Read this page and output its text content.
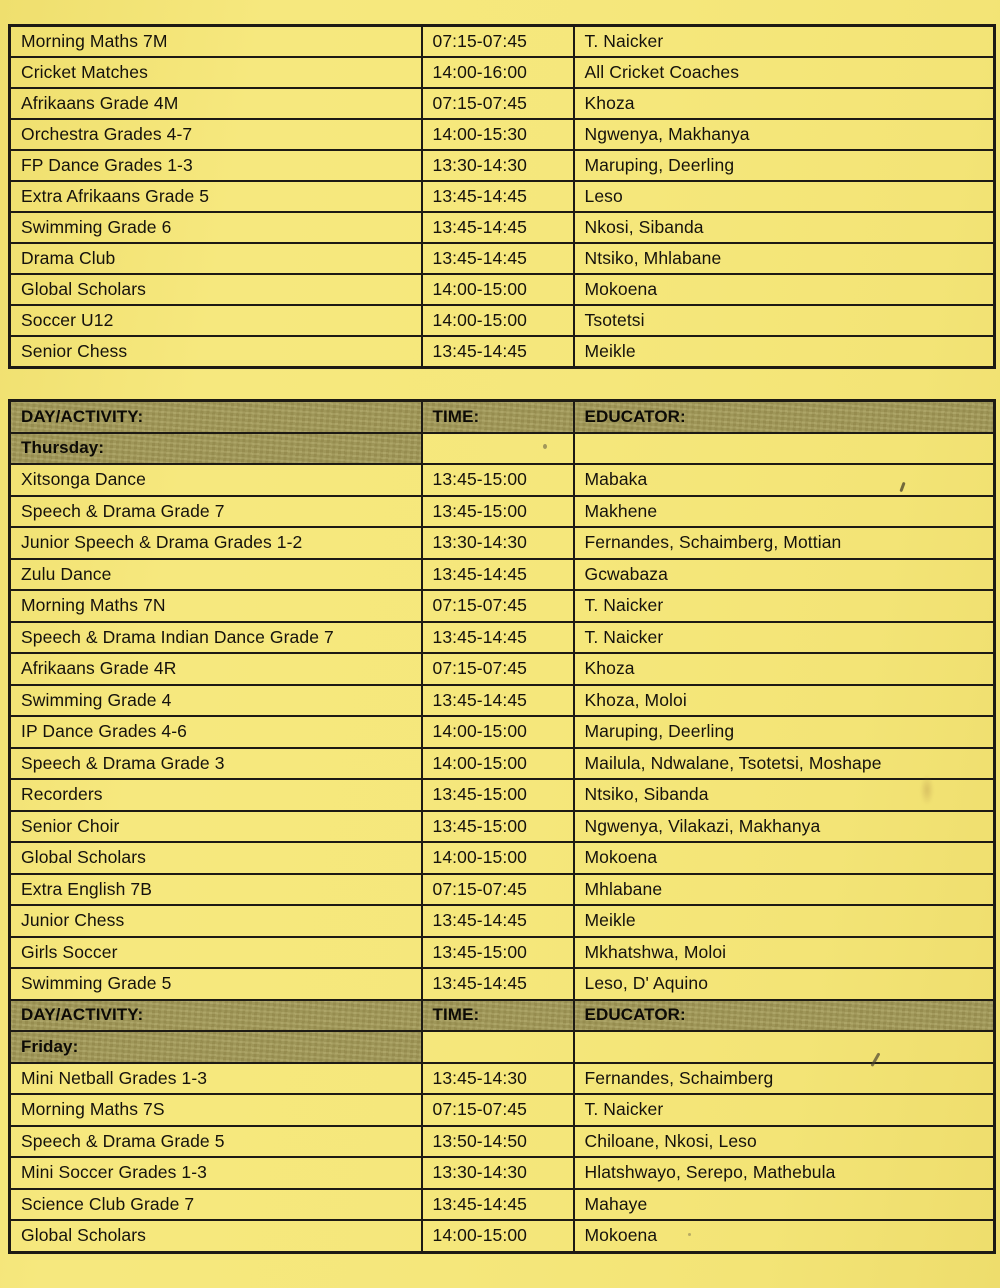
Morning Maths 7M	07:15-07:45	T. Naicker
Cricket Matches	14:00-16:00	All Cricket Coaches
Afrikaans Grade 4M	07:15-07:45	Khoza
Orchestra Grades 4-7	14:00-15:30	Ngwenya, Makhanya
FP Dance Grades 1-3	13:30-14:30	Maruping, Deerling
Extra Afrikaans Grade 5	13:45-14:45	Leso
Swimming Grade 6	13:45-14:45	Nkosi, Sibanda
Drama Club	13:45-14:45	Ntsiko, Mhlabane
Global Scholars	14:00-15:00	Mokoena
Soccer U12	14:00-15:00	Tsotetsi
Senior Chess	13:45-14:45	Meikle
DAY/ACTIVITY:	TIME:	EDUCATOR:
Thursday:		
Xitsonga Dance	13:45-15:00	Mabaka
Speech & Drama Grade 7	13:45-15:00	Makhene
Junior Speech & Drama Grades 1-2	13:30-14:30	Fernandes, Schaimberg, Mottian
Zulu Dance	13:45-14:45	Gcwabaza
Morning Maths 7N	07:15-07:45	T. Naicker
Speech & Drama Indian Dance Grade 7	13:45-14:45	T. Naicker
Afrikaans Grade 4R	07:15-07:45	Khoza
Swimming Grade 4	13:45-14:45	Khoza, Moloi
IP Dance Grades 4-6	14:00-15:00	Maruping, Deerling
Speech & Drama Grade 3	14:00-15:00	Mailula, Ndwalane, Tsotetsi, Moshape
Recorders	13:45-15:00	Ntsiko, Sibanda
Senior Choir	13:45-15:00	Ngwenya, Vilakazi, Makhanya
Global Scholars	14:00-15:00	Mokoena
Extra English 7B	07:15-07:45	Mhlabane
Junior Chess	13:45-14:45	Meikle
Girls Soccer	13:45-15:00	Mkhatshwa, Moloi
Swimming Grade 5	13:45-14:45	Leso, D' Aquino
DAY/ACTIVITY:	TIME:	EDUCATOR:
Friday:		
Mini Netball Grades 1-3	13:45-14:30	Fernandes, Schaimberg
Morning Maths 7S	07:15-07:45	T. Naicker
Speech & Drama Grade 5	13:50-14:50	Chiloane, Nkosi, Leso
Mini Soccer Grades 1-3	13:30-14:30	Hlatshwayo, Serepo, Mathebula
Science Club Grade 7	13:45-14:45	Mahaye
Global Scholars	14:00-15:00	Mokoena
